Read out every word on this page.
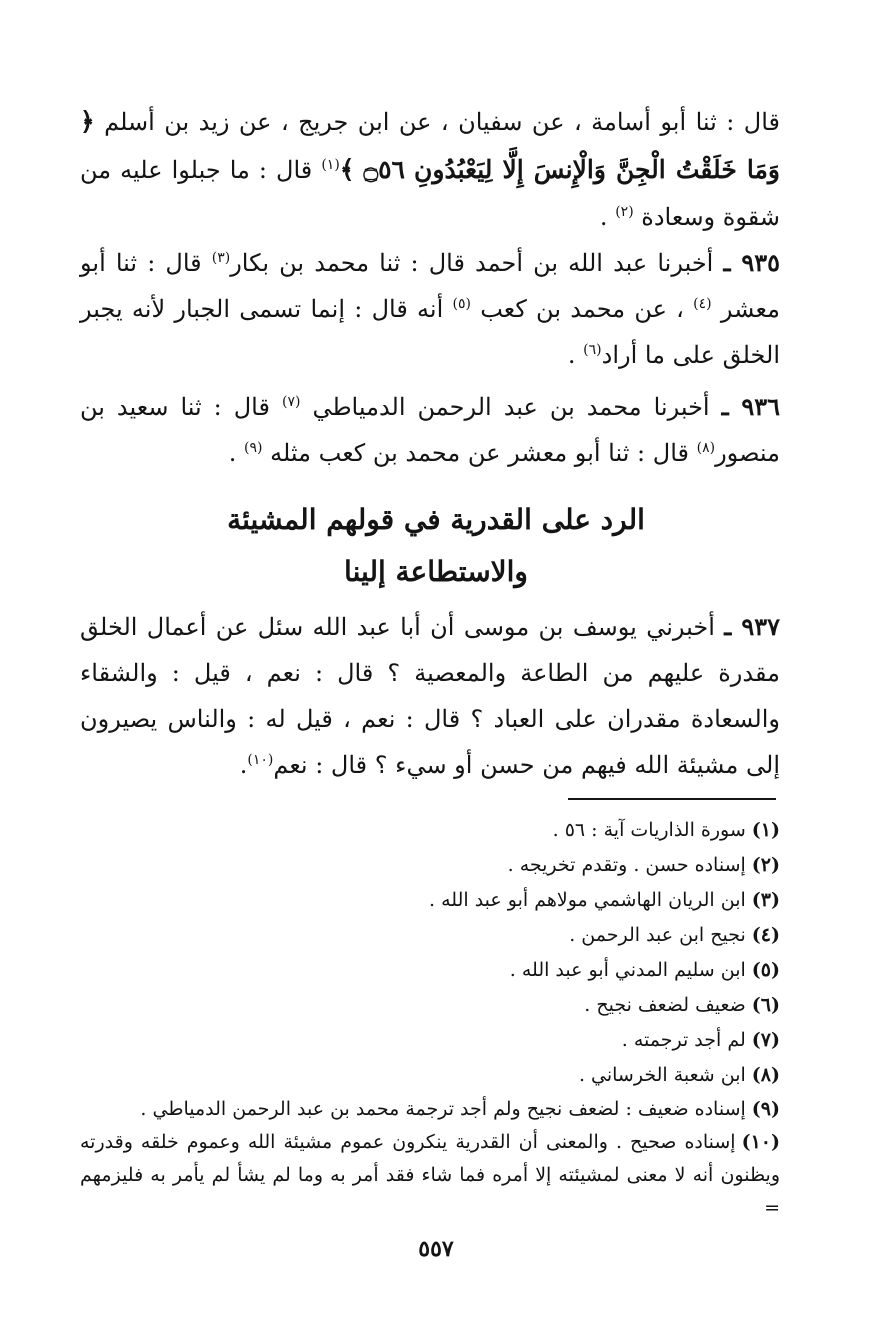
قال : ثنا أبو أسامة ، عن سفيان ، عن ابن جريج ، عن زيد بن أسلم ﴿ وَمَا خَلَقْتُ الْجِنَّ وَالْإِنسَ إِلَّا لِيَعْبُدُونِ ۝٥٦ ﴾$^{(١)}$ قال : ما جبلوا عليه من شقوة وسعادة $^{(٢)}$ .
٩٣٥ ـ أخبرنا عبد الله بن أحمد قال : ثنا محمد بن بكار$^{(٣)}$ قال : ثنا أبو معشر $^{(٤)}$ ، عن محمد بن كعب $^{(٥)}$ أنه قال : إنما تسمى الجبار لأنه يجبر الخلق على ما أراد$^{(٦)}$ .
٩٣٦ ـ أخبرنا محمد بن عبد الرحمن الدمياطي $^{(٧)}$ قال : ثنا سعيد بن منصور$^{(٨)}$ قال : ثنا أبو معشر عن محمد بن كعب مثله $^{(٩)}$ .
الرد على القدرية في قولهم المشيئة
والاستطاعة إلينا
٩٣٧ ـ أخبرني يوسف بن موسى أن أبا عبد الله سئل عن أعمال الخلق مقدرة عليهم من الطاعة والمعصية ؟ قال : نعم ، قيل : والشقاء والسعادة مقدران على العباد ؟ قال : نعم ، قيل له : والناس يصيرون إلى مشيئة الله فيهم من حسن أو سيء ؟ قال : نعم$^{(١٠)}$.
(١)سورة الذاريات آية : ٥٦ .
(٢)إسناده حسن . وتقدم تخريجه .
(٣)ابن الريان الهاشمي مولاهم أبو عبد الله .
(٤)نجيح ابن عبد الرحمن .
(٥)ابن سليم المدني أبو عبد الله .
(٦)ضعيف لضعف نجيح .
(٧)لم أجد ترجمته .
(٨)ابن شعبة الخرساني .
(٩)إسناده ضعيف : لضعف نجيح ولم أجد ترجمة محمد بن عبد الرحمن الدمياطي .
(١٠)إسناده صحيح . والمعنى أن القدرية ينكرون عموم مشيئة الله وعموم خلقه وقدرته ويظنون أنه لا معنى لمشيئته إلا أمره فما شاء فقد أمر به وما لم يشأ لم يأمر به فليزمهم =
٥٥٧
